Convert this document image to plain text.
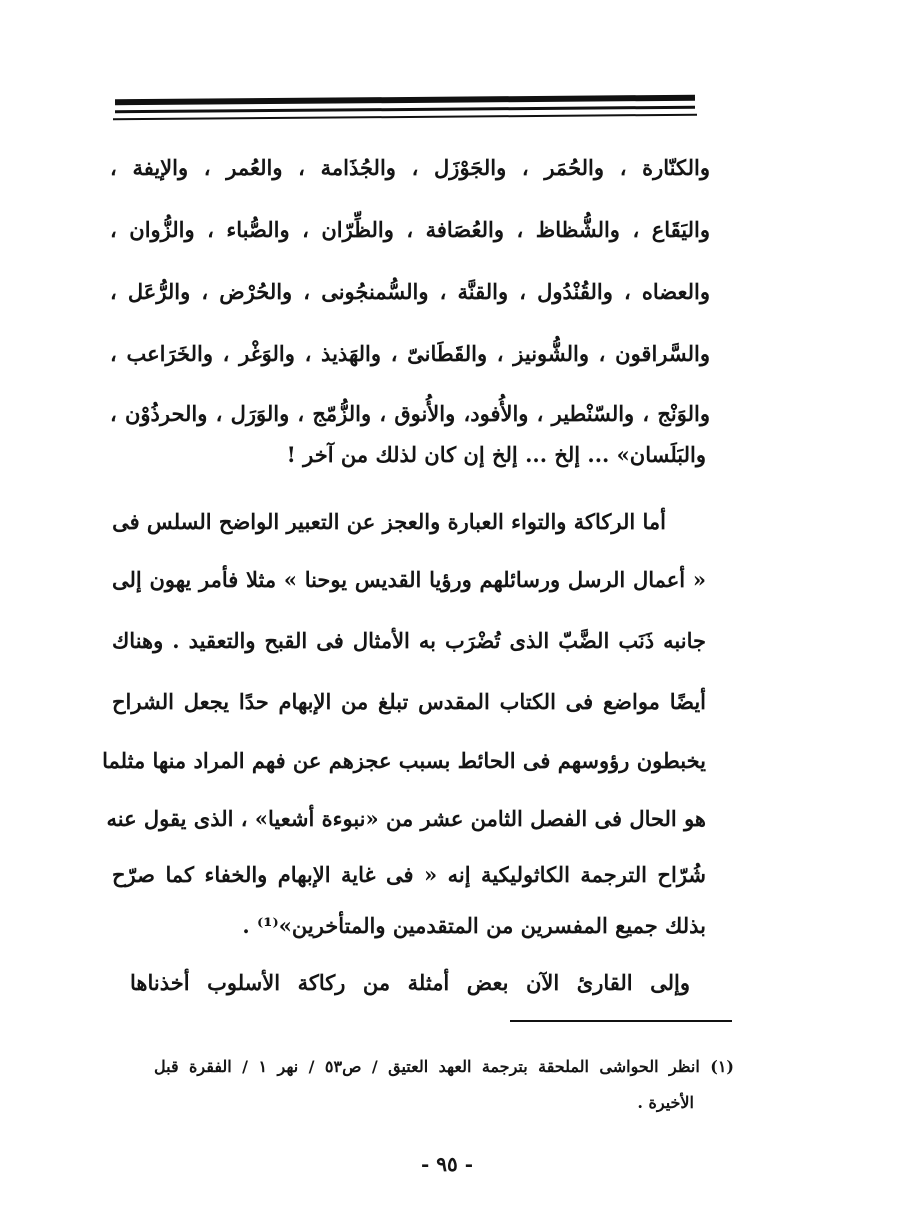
والكنّارة ، والحُمَر ، والجَوْزَل ، والجُذَامة ، والعُمر ، والإيفة ،
واليَقَاع ، والشُّظاظ ، والعُصَافة ، والظِّرّان ، والصُّباء ، والزُّوان ،
والعضاه ، والقُنْدُول ، والقنَّة ، والسُّمنجُونى ، والحُرْض ، والرُّعَل ،
والسَّراقون ، والشُّونيز ، والقَطَانىّ ، والهَذيذ ، والوَغْر ، والخَرَاعب ،
والوَنْج ، والسّنْطير ، والأُفود، والأُنوق ، والزُّمّج ، والوَرَل ، والحرذُوْن ،
والبَلَسان» ... إلخ ... إلخ إن كان لذلك من آخر !
أما الركاكة والتواء العبارة والعجز عن التعبير الواضح السلس فى
« أعمال الرسل ورسائلهم ورؤيا القديس يوحنا » مثلا فأمر يهون إلى
جانبه ذَنَب الضَّبّ الذى تُضْرَب به الأمثال فى القبح والتعقيد . وهناك
أيضًا مواضع فى الكتاب المقدس تبلغ من الإبهام حدًا يجعل الشراح
يخبطون رؤوسهم فى الحائط بسبب عجزهم عن فهم المراد منها مثلما
هو الحال فى الفصل الثامن عشر من «نبوءة أشعيا» ، الذى يقول عنه
شُرّاح الترجمة الكاثوليكية إنه « فى غاية الإبهام والخفاء كما صرّح
بذلك جميع المفسرين من المتقدمين والمتأخرين»⁽¹⁾ .
وإلى القارئ الآن بعض أمثلة من ركاكة الأسلوب أخذناها
(١) انظر الحواشى الملحقة بترجمة العهد العتيق / ص٥٣ / نهر ١ / الفقرة قبل
الأخيرة .
- ٩٥ -
